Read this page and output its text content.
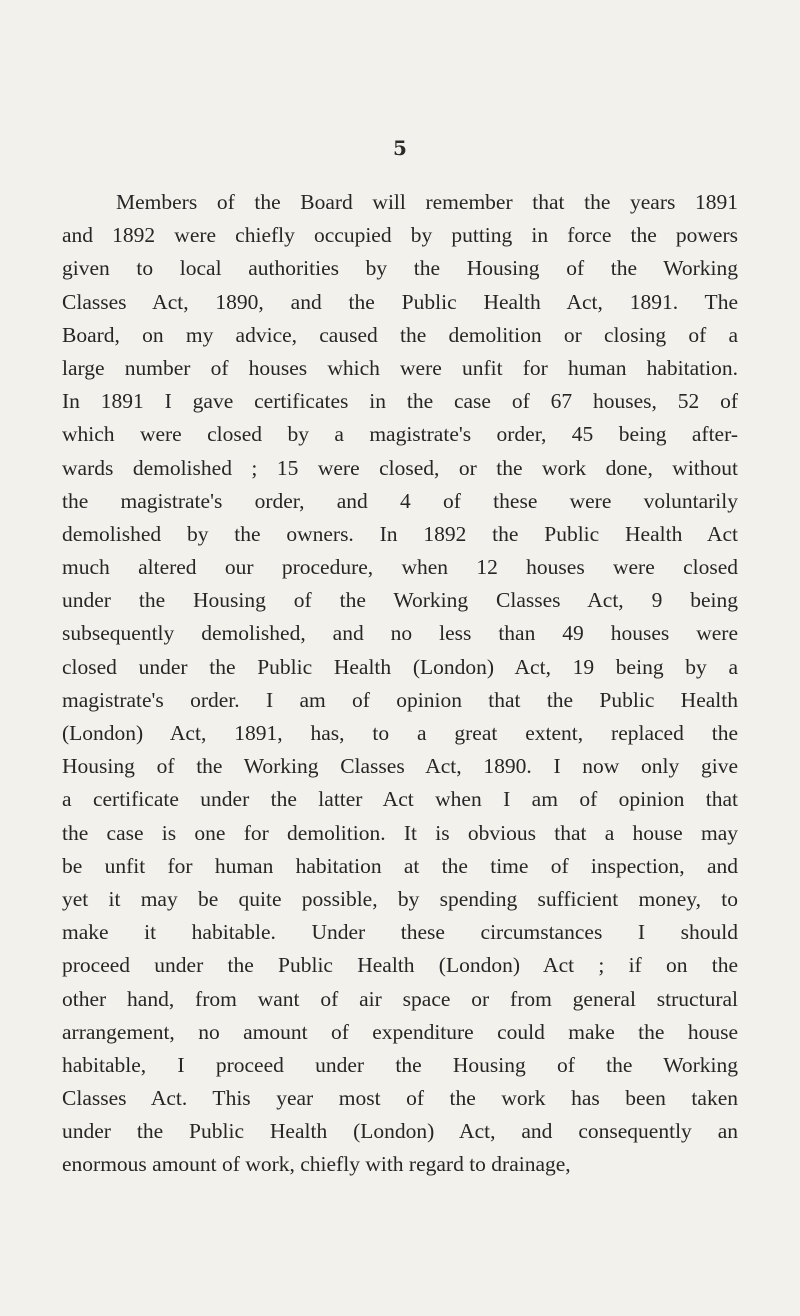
5
Members of the Board will remember that the years 1891
and 1892 were chiefly occupied by putting in force the powers
given to local authorities by the Housing of the Working
Classes Act, 1890, and the Public Health Act, 1891. The
Board, on my advice, caused the demolition or closing of a
large number of houses which were unfit for human habitation.
In 1891 I gave certificates in the case of 67 houses, 52 of
which were closed by a magistrate's order, 45 being after-
wards demolished ; 15 were closed, or the work done, without
the magistrate's order, and 4 of these were voluntarily
demolished by the owners. In 1892 the Public Health Act
much altered our procedure, when 12 houses were closed
under the Housing of the Working Classes Act, 9 being
subsequently demolished, and no less than 49 houses were
closed under the Public Health (London) Act, 19 being by a
magistrate's order. I am of opinion that the Public Health
(London) Act, 1891, has, to a great extent, replaced the
Housing of the Working Classes Act, 1890. I now only give
a certificate under the latter Act when I am of opinion that
the case is one for demolition. It is obvious that a house may
be unfit for human habitation at the time of inspection, and
yet it may be quite possible, by spending sufficient money, to
make it habitable. Under these circumstances I should
proceed under the Public Health (London) Act ; if on the
other hand, from want of air space or from general structural
arrangement, no amount of expenditure could make the house
habitable, I proceed under the Housing of the Working
Classes Act. This year most of the work has been taken
under the Public Health (London) Act, and consequently an
enormous amount of work, chiefly with regard to drainage,
